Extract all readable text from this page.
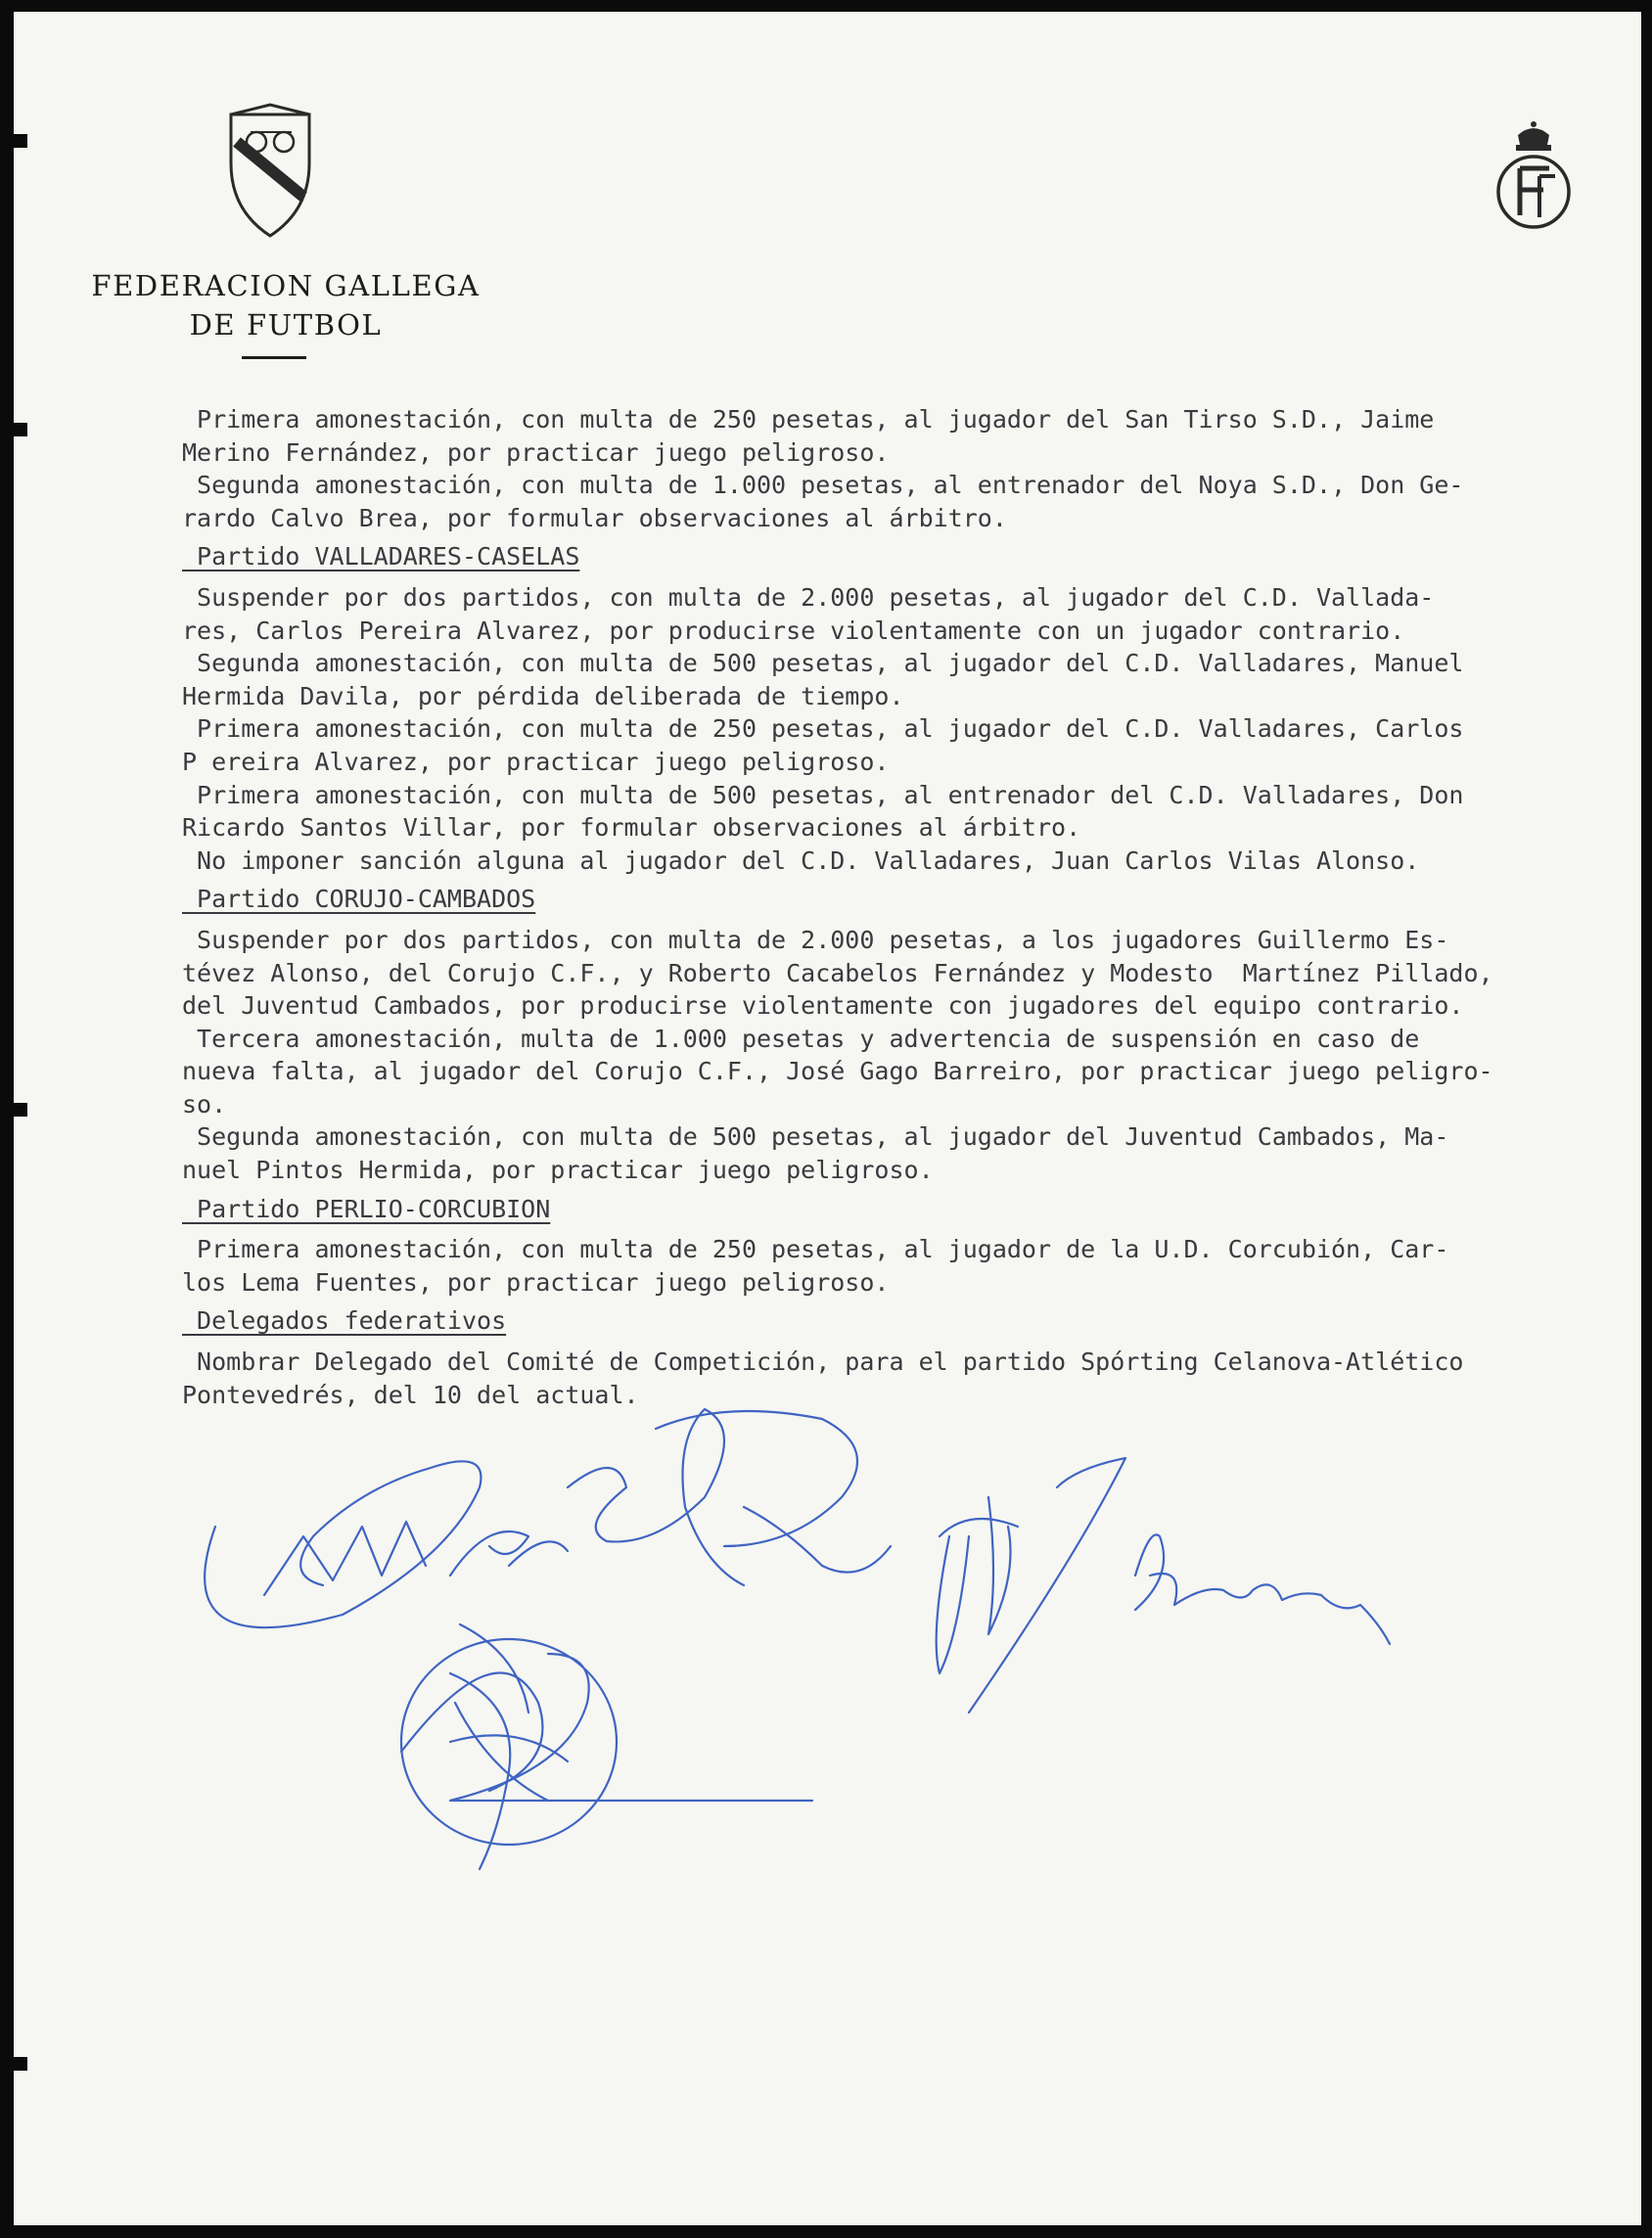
FEDERACION GALLEGA
DE FUTBOL

Primera amonestación, con multa de 250 pesetas, al jugador del San Tirso S.D., Jaime

Merino Fernández, por practicar juego peligroso.

Segunda amonestación, con multa de 1.000 pesetas, al entrenador del Noya S.D., Don Ge-

rardo Calvo Brea, por formular observaciones al árbitro.

Partido VALLADARES-CASELAS

Suspender por dos partidos, con multa de 2.000 pesetas, al jugador del C.D. Vallada-

res, Carlos Pereira Alvarez, por producirse violentamente con un jugador contrario.

Segunda amonestación, con multa de 500 pesetas, al jugador del C.D. Valladares, Manuel

Hermida Davila, por pérdida deliberada de tiempo.

Primera amonestación, con multa de 250 pesetas, al jugador del C.D. Valladares, Carlos

P ereira Alvarez, por practicar juego peligroso.

Primera amonestación, con multa de 500 pesetas, al entrenador del C.D. Valladares, Don

Ricardo Santos Villar, por formular observaciones al árbitro.

No imponer sanción alguna al jugador del C.D. Valladares, Juan Carlos Vilas Alonso.

Partido CORUJO-CAMBADOS

Suspender por dos partidos, con multa de 2.000 pesetas, a los jugadores Guillermo Es-

tévez Alonso, del Corujo C.F., y Roberto Cacabelos Fernández y Modesto  Martínez Pillado,

del Juventud Cambados, por producirse violentamente con jugadores del equipo contrario.

Tercera amonestación, multa de 1.000 pesetas y advertencia de suspensión en caso de

nueva falta, al jugador del Corujo C.F., José Gago Barreiro, por practicar juego peligro-

so.

Segunda amonestación, con multa de 500 pesetas, al jugador del Juventud Cambados, Ma-

nuel Pintos Hermida, por practicar juego peligroso.

Partido PERLIO-CORCUBION

Primera amonestación, con multa de 250 pesetas, al jugador de la U.D. Corcubión, Car-

los Lema Fuentes, por practicar juego peligroso.

Delegados federativos

Nombrar Delegado del Comité de Competición, para el partido Spórting Celanova-Atlético

Pontevedrés, del 10 del actual.
